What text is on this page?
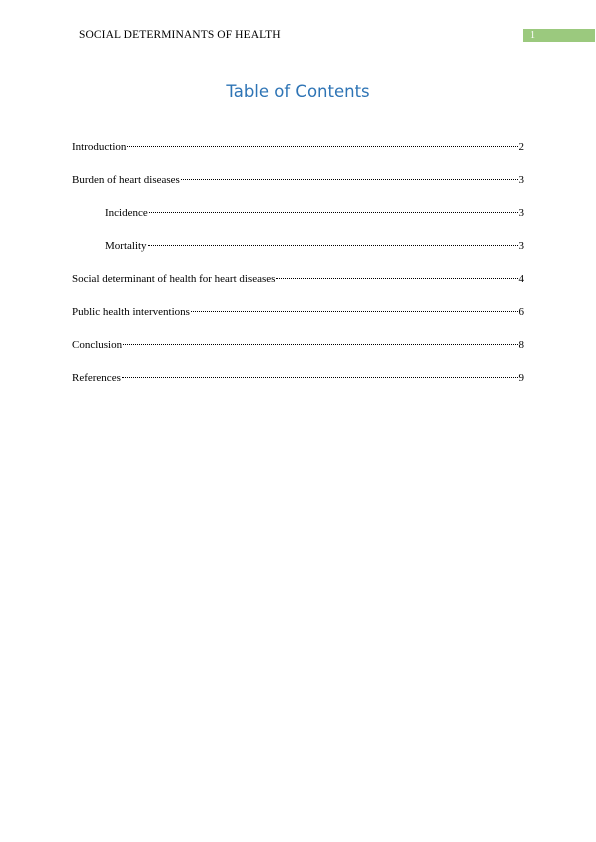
SOCIAL DETERMINANTS OF HEALTH	1
Table of Contents
Introduction	2
Burden of heart diseases	3
Incidence	3
Mortality	3
Social determinant of health for heart diseases	4
Public health interventions	6
Conclusion	8
References	9
